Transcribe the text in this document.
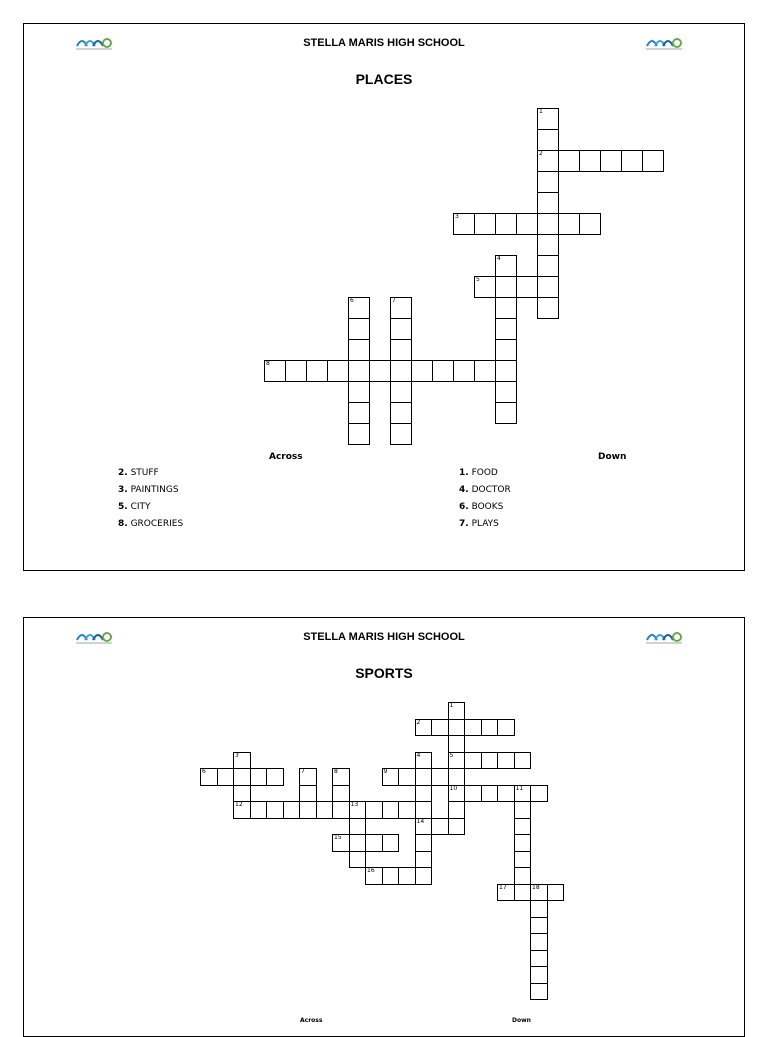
STELLA MARIS HIGH SCHOOL
PLACES
1
2
3
4
5
6	7
8
Across	Down
2. STUFF
3. PAINTINGS
5. CITY
8. GROCERIES
1. FOOD
4. DOCTOR
6. BOOKS
7. PLAYS
STELLA MARIS HIGH SCHOOL
SPORTS
1
2
3	4	5
6	7	8	9
10	11
12	13
14
15
16
17	18
Across	Down
